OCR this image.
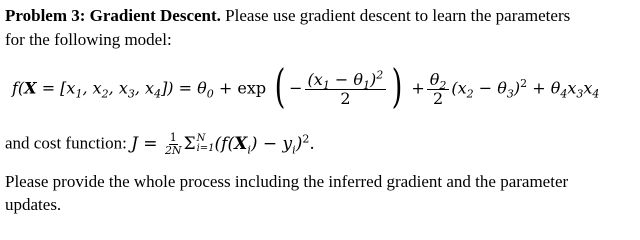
Problem 3: Gradient Descent. Please use gradient descent to learn the parameters
for the following model:
$f(X = [x_1$, $x_2$, $x_3$, $x_4]) = \theta_0 + \exp$ ( − $\frac{(x_1 - \theta_1)^2}{2}$ ) + $\frac{\theta_2}{2} (x_2 - \theta_3)^2 + \theta_4x_3x_4$
and cost function: $J = \frac{1}{2N}$ Σ N
i=1 $(f(X_i) - y_i)^2$.
Please provide the whole process including the inferred gradient and the parameter
updates.
